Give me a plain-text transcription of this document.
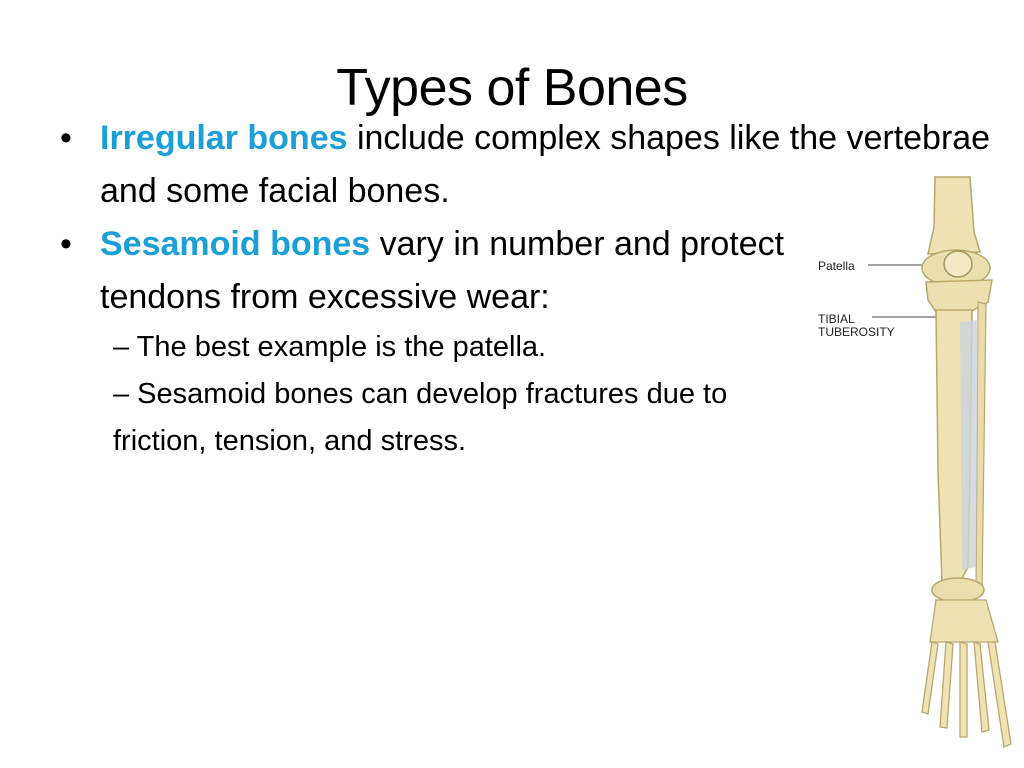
Types of Bones
• Irregular bones include complex shapes like the vertebrae and some facial bones.
• Sesamoid bones vary in number and protect tendons from excessive wear:
– The best example is the patella.
– Sesamoid bones can develop fractures due to friction, tension, and stress.
Patella
TIBIAL
TUBEROSITY
